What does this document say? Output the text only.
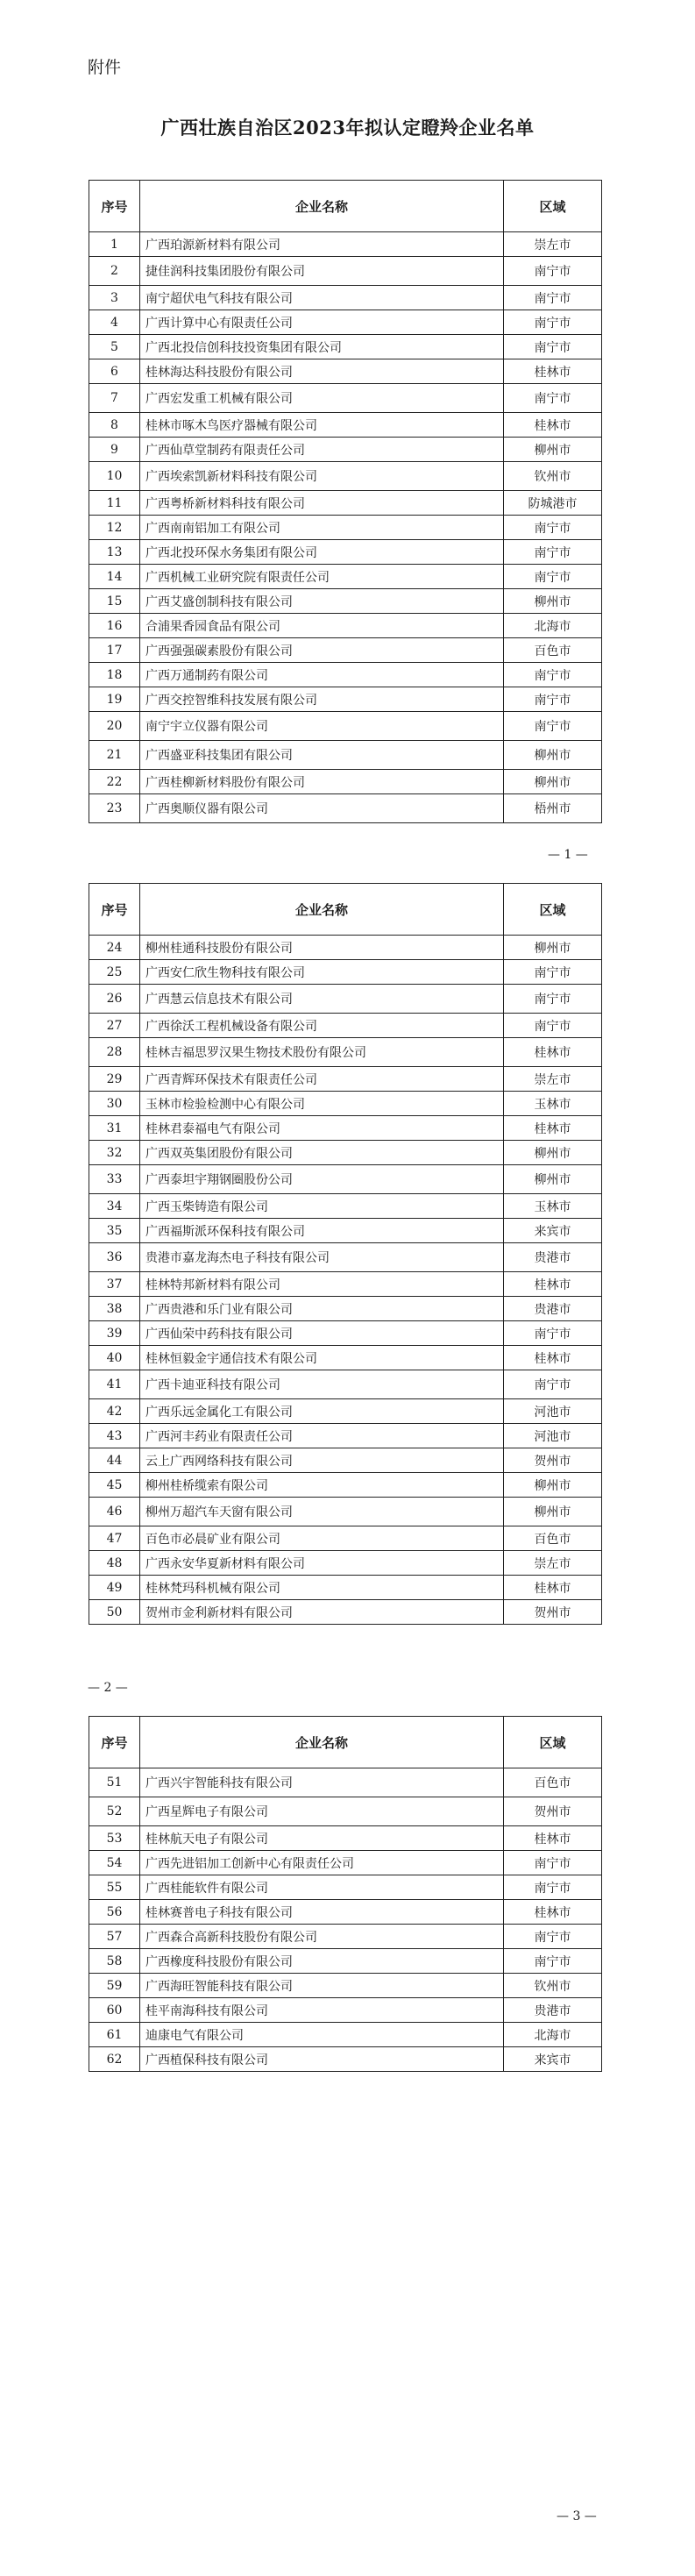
附件
广西壮族自治区2023年拟认定瞪羚企业名单
序号	企业名称	区域
1	广西珀源新材料有限公司	崇左市
2	捷佳润科技集团股份有限公司	南宁市
3	南宁超伏电气科技有限公司	南宁市
4	广西计算中心有限责任公司	南宁市
5	广西北投信创科技投资集团有限公司	南宁市
6	桂林海达科技股份有限公司	桂林市
7	广西宏发重工机械有限公司	南宁市
8	桂林市啄木鸟医疗器械有限公司	桂林市
9	广西仙草堂制药有限责任公司	柳州市
10	广西埃索凯新材料科技有限公司	钦州市
11	广西粤桥新材料科技有限公司	防城港市
12	广西南南铝加工有限公司	南宁市
13	广西北投环保水务集团有限公司	南宁市
14	广西机械工业研究院有限责任公司	南宁市
15	广西艾盛创制科技有限公司	柳州市
16	合浦果香园食品有限公司	北海市
17	广西强强碳素股份有限公司	百色市
18	广西万通制药有限公司	南宁市
19	广西交控智维科技发展有限公司	南宁市
20	南宁宇立仪器有限公司	南宁市
21	广西盛亚科技集团有限公司	柳州市
22	广西桂柳新材料股份有限公司	柳州市
23	广西奥顺仪器有限公司	梧州市
— 1 —
序号	企业名称	区域
24	柳州桂通科技股份有限公司	柳州市
25	广西安仁欣生物科技有限公司	南宁市
26	广西慧云信息技术有限公司	南宁市
27	广西徐沃工程机械设备有限公司	南宁市
28	桂林吉福思罗汉果生物技术股份有限公司	桂林市
29	广西青辉环保技术有限责任公司	崇左市
30	玉林市检验检测中心有限公司	玉林市
31	桂林君泰福电气有限公司	桂林市
32	广西双英集团股份有限公司	柳州市
33	广西泰坦宇翔钢圈股份公司	柳州市
34	广西玉柴铸造有限公司	玉林市
35	广西福斯派环保科技有限公司	来宾市
36	贵港市嘉龙海杰电子科技有限公司	贵港市
37	桂林特邦新材料有限公司	桂林市
38	广西贵港和乐门业有限公司	贵港市
39	广西仙荣中药科技有限公司	南宁市
40	桂林恒毅金宇通信技术有限公司	桂林市
41	广西卡迪亚科技有限公司	南宁市
42	广西乐远金属化工有限公司	河池市
43	广西河丰药业有限责任公司	河池市
44	云上广西网络科技有限公司	贺州市
45	柳州桂桥缆索有限公司	柳州市
46	柳州万超汽车天窗有限公司	柳州市
47	百色市必晨矿业有限公司	百色市
48	广西永安华夏新材料有限公司	崇左市
49	桂林梵玛科机械有限公司	桂林市
50	贺州市金利新材料有限公司	贺州市
— 2 —
序号	企业名称	区域
51	广西兴宇智能科技有限公司	百色市
52	广西星辉电子有限公司	贺州市
53	桂林航天电子有限公司	桂林市
54	广西先进铝加工创新中心有限责任公司	南宁市
55	广西桂能软件有限公司	南宁市
56	桂林赛普电子科技有限公司	桂林市
57	广西森合高新科技股份有限公司	南宁市
58	广西橡度科技股份有限公司	南宁市
59	广西海旺智能科技有限公司	钦州市
60	桂平南海科技有限公司	贵港市
61	迪康电气有限公司	北海市
62	广西植保科技有限公司	来宾市
— 3 —
